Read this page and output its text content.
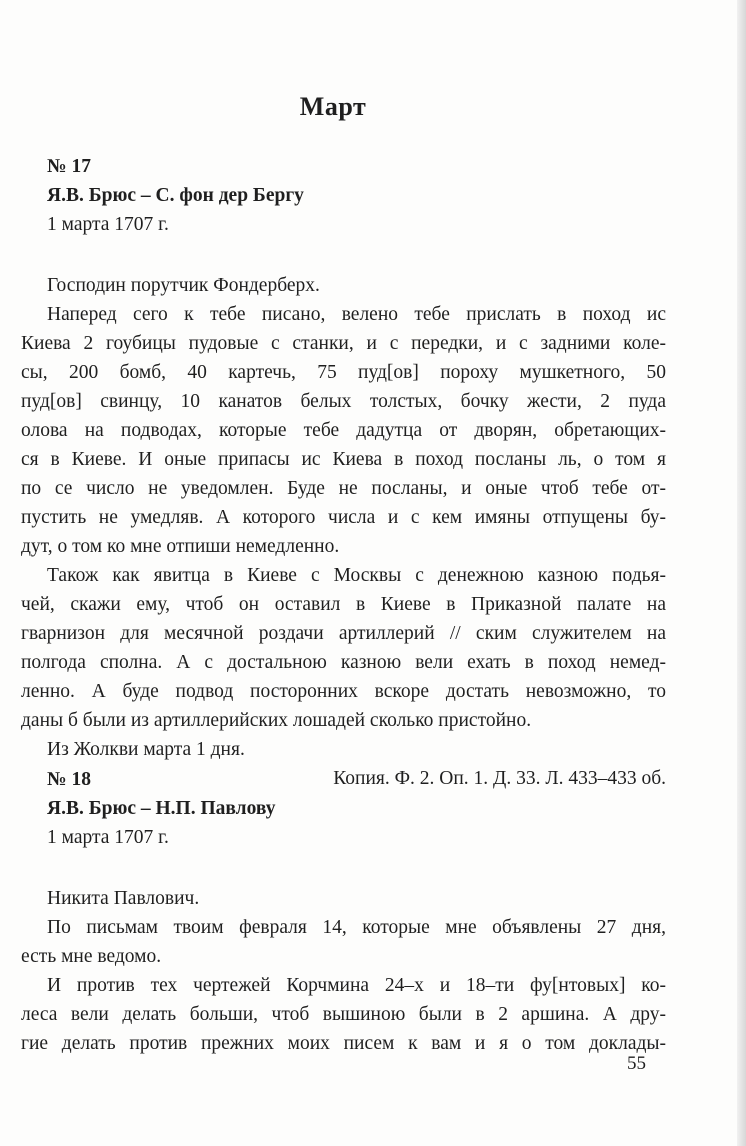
Март
№ 17
Я.В. Брюс – С. фон дер Бергу
1 марта 1707 г.
Господин порутчик Фондерберх.
Наперед сего к тебе писано, велено тебе прислать в поход ис
Киева 2 гоубицы пудовые с станки, и с передки, и с задними коле-
сы, 200 бомб, 40 картечь, 75 пуд[ов] пороху мушкетного, 50
пуд[ов] свинцу, 10 канатов белых толстых, бочку жести, 2 пуда
олова на подводах, которые тебе дадутца от дворян, обретающих-
ся в Киеве. И оные припасы ис Киева в поход посланы ль, о том я
по се число не уведомлен. Буде не посланы, и оные чтоб тебе от-
пустить не умедляв. А которого числа и с кем имяны отпущены бу-
дут, о том ко мне отпиши немедленно.
Також как явитца в Киеве с Москвы с денежною казною подья-
чей, скажи ему, чтоб он оставил в Киеве в Приказной палате на
гварнизон для месячной роздачи артиллерий // ским служителем на
полгода сполна. А с достальною казною вели ехать в поход немед-
ленно. А буде подвод посторонних вскоре достать невозможно, то
даны б были из артиллерийских лошадей сколько пристойно.
Из Жолкви марта 1 дня.
Копия. Ф. 2. Оп. 1. Д. 33. Л. 433–433 об.
№ 18
Я.В. Брюс – Н.П. Павлову
1 марта 1707 г.
Никита Павлович.
По письмам твоим февраля 14, которые мне объявлены 27 дня,
есть мне ведомо.
И против тех чертежей Корчмина 24–х и 18–ти фу[нтовых] ко-
леса вели делать больши, чтоб вышиною были в 2 аршина. А дру-
гие делать против прежних моих писем к вам и я о том доклады-
55
